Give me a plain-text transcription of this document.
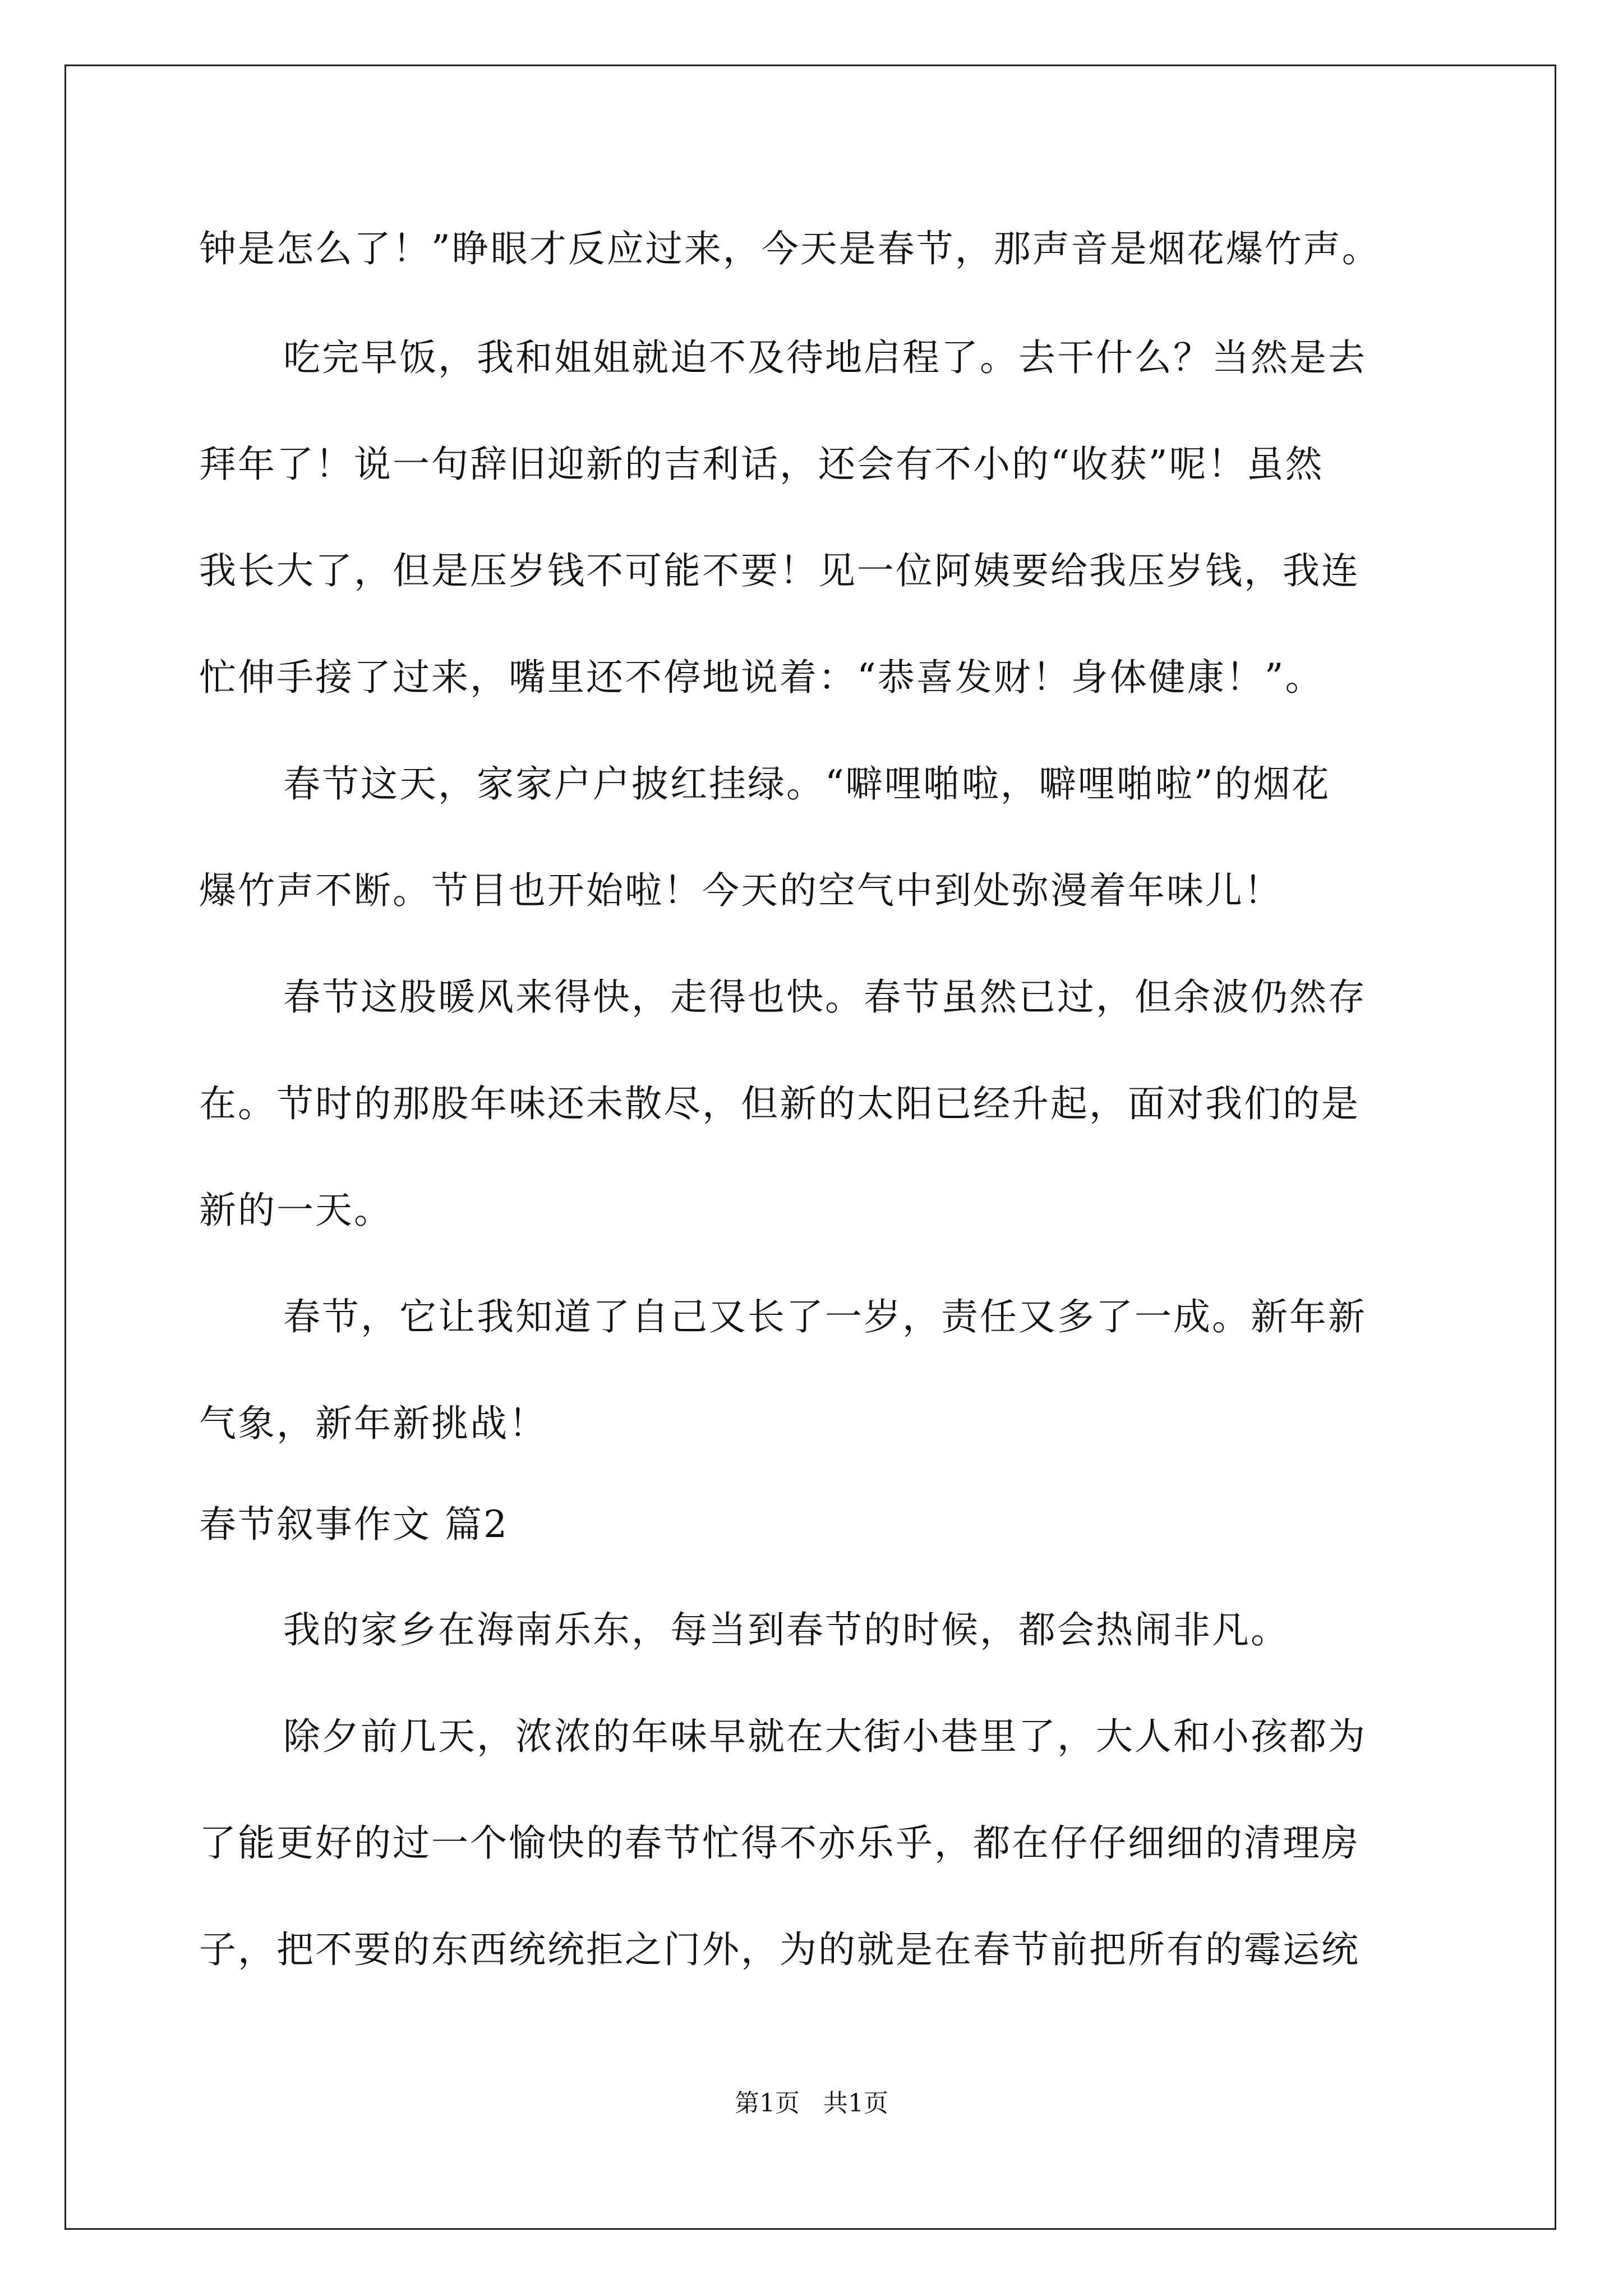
钟是怎么了！”睁眼才反应过来，今天是春节，那声音是烟花爆竹声。
吃完早饭，我和姐姐就迫不及待地启程了。去干什么？当然是去
拜年了！说一句辞旧迎新的吉利话，还会有不小的“收获”呢！虽然
我长大了，但是压岁钱不可能不要！见一位阿姨要给我压岁钱，我连
忙伸手接了过来，嘴里还不停地说着：“恭喜发财！身体健康！”。
春节这天，家家户户披红挂绿。“噼哩啪啦，噼哩啪啦”的烟花
爆竹声不断。节目也开始啦！今天的空气中到处弥漫着年味儿！
春节这股暖风来得快，走得也快。春节虽然已过，但余波仍然存
在。节时的那股年味还未散尽，但新的太阳已经升起，面对我们的是
新的一天。
春节，它让我知道了自己又长了一岁，责任又多了一成。新年新
气象，新年新挑战！
春节叙事作文 篇2
我的家乡在海南乐东，每当到春节的时候，都会热闹非凡。
除夕前几天，浓浓的年味早就在大街小巷里了，大人和小孩都为
了能更好的过一个愉快的春节忙得不亦乐乎，都在仔仔细细的清理房
子，把不要的东西统统拒之门外，为的就是在春节前把所有的霉运统
第1页   共1页
